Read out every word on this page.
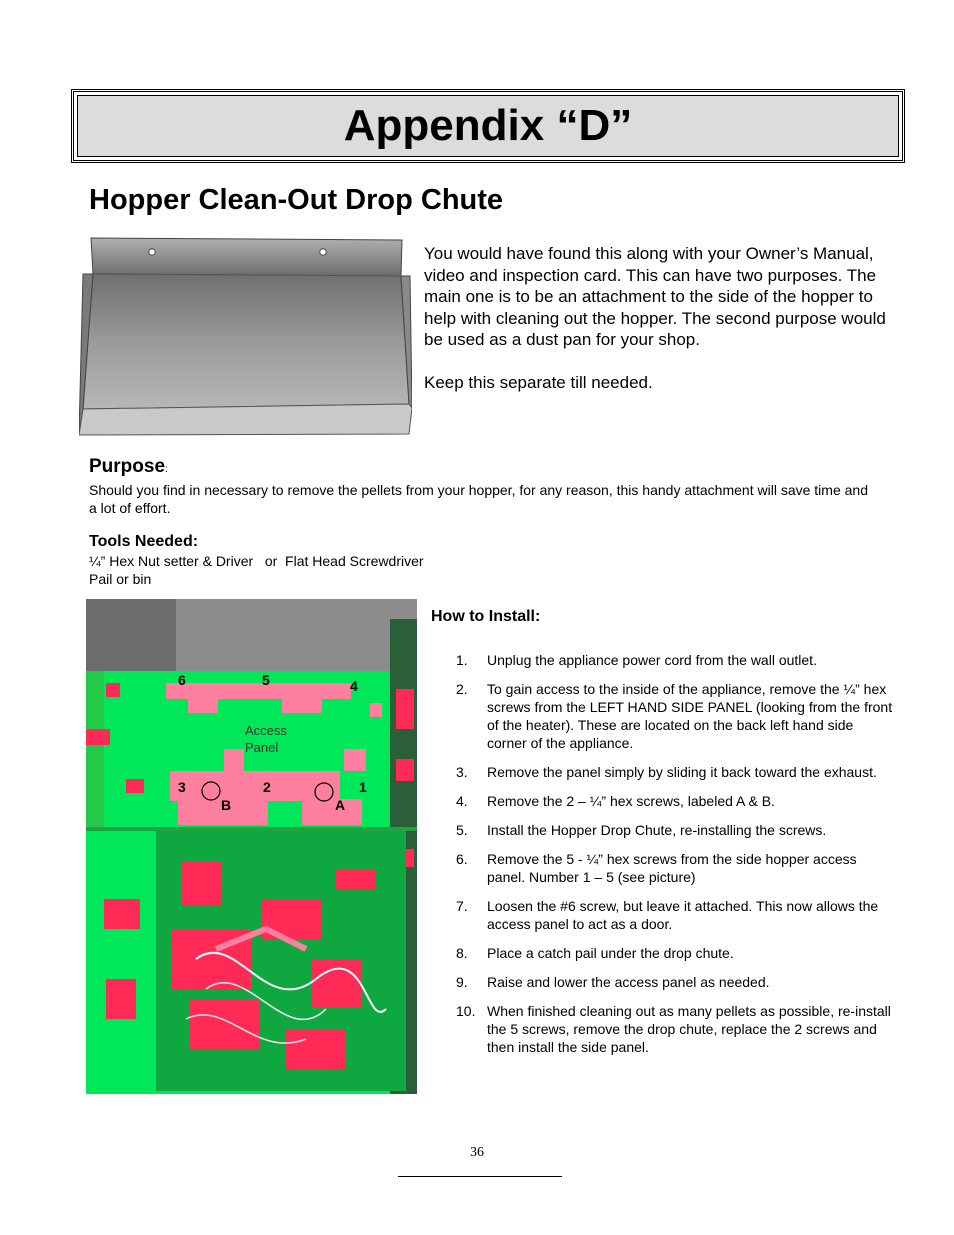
Appendix “D”
Hopper Clean-Out Drop Chute

You would have found this along with your Owner’s Manual, video and inspection card. This can have two purposes. The main one is to be an attachment to the side of the hopper to help with cleaning out the hopper. The second purpose would be used as a dust pan for your shop.

Keep this separate till needed.

Purpose:
Should you find in necessary to remove the pellets from your hopper, for any reason, this handy attachment will save time and a lot of effort.
Tools Needed:
¼” Hex Nut setter & Driver   or  Flat Head Screwdriver
Pail or bin
6	5	4
3	2	1
B	A
Access
Panel
How to Install:
1.	Unplug the appliance power cord from the wall outlet.
2.	To gain access to the inside of the appliance, remove the ¼” hex screws from the LEFT HAND SIDE PANEL (looking from the front of the heater). These are located on the back left hand side corner of the appliance.
3.	Remove the panel simply by sliding it back toward the exhaust.
4.	Remove the 2 – ¼” hex screws, labeled A & B.
5.	Install the Hopper Drop Chute, re-installing the screws.
6.	Remove the 5 - ¼” hex screws from the side hopper access panel. Number 1 – 5 (see picture)
7.	Loosen the #6 screw, but leave it attached. This now allows the access panel to act as a door.
8.	Place a catch pail under the drop chute.
9.	Raise and lower the access panel as needed.
10. When finished cleaning out as many pellets as possible, re-install the 5 screws, remove the drop chute, replace the 2 screws and then install the side panel.
36
